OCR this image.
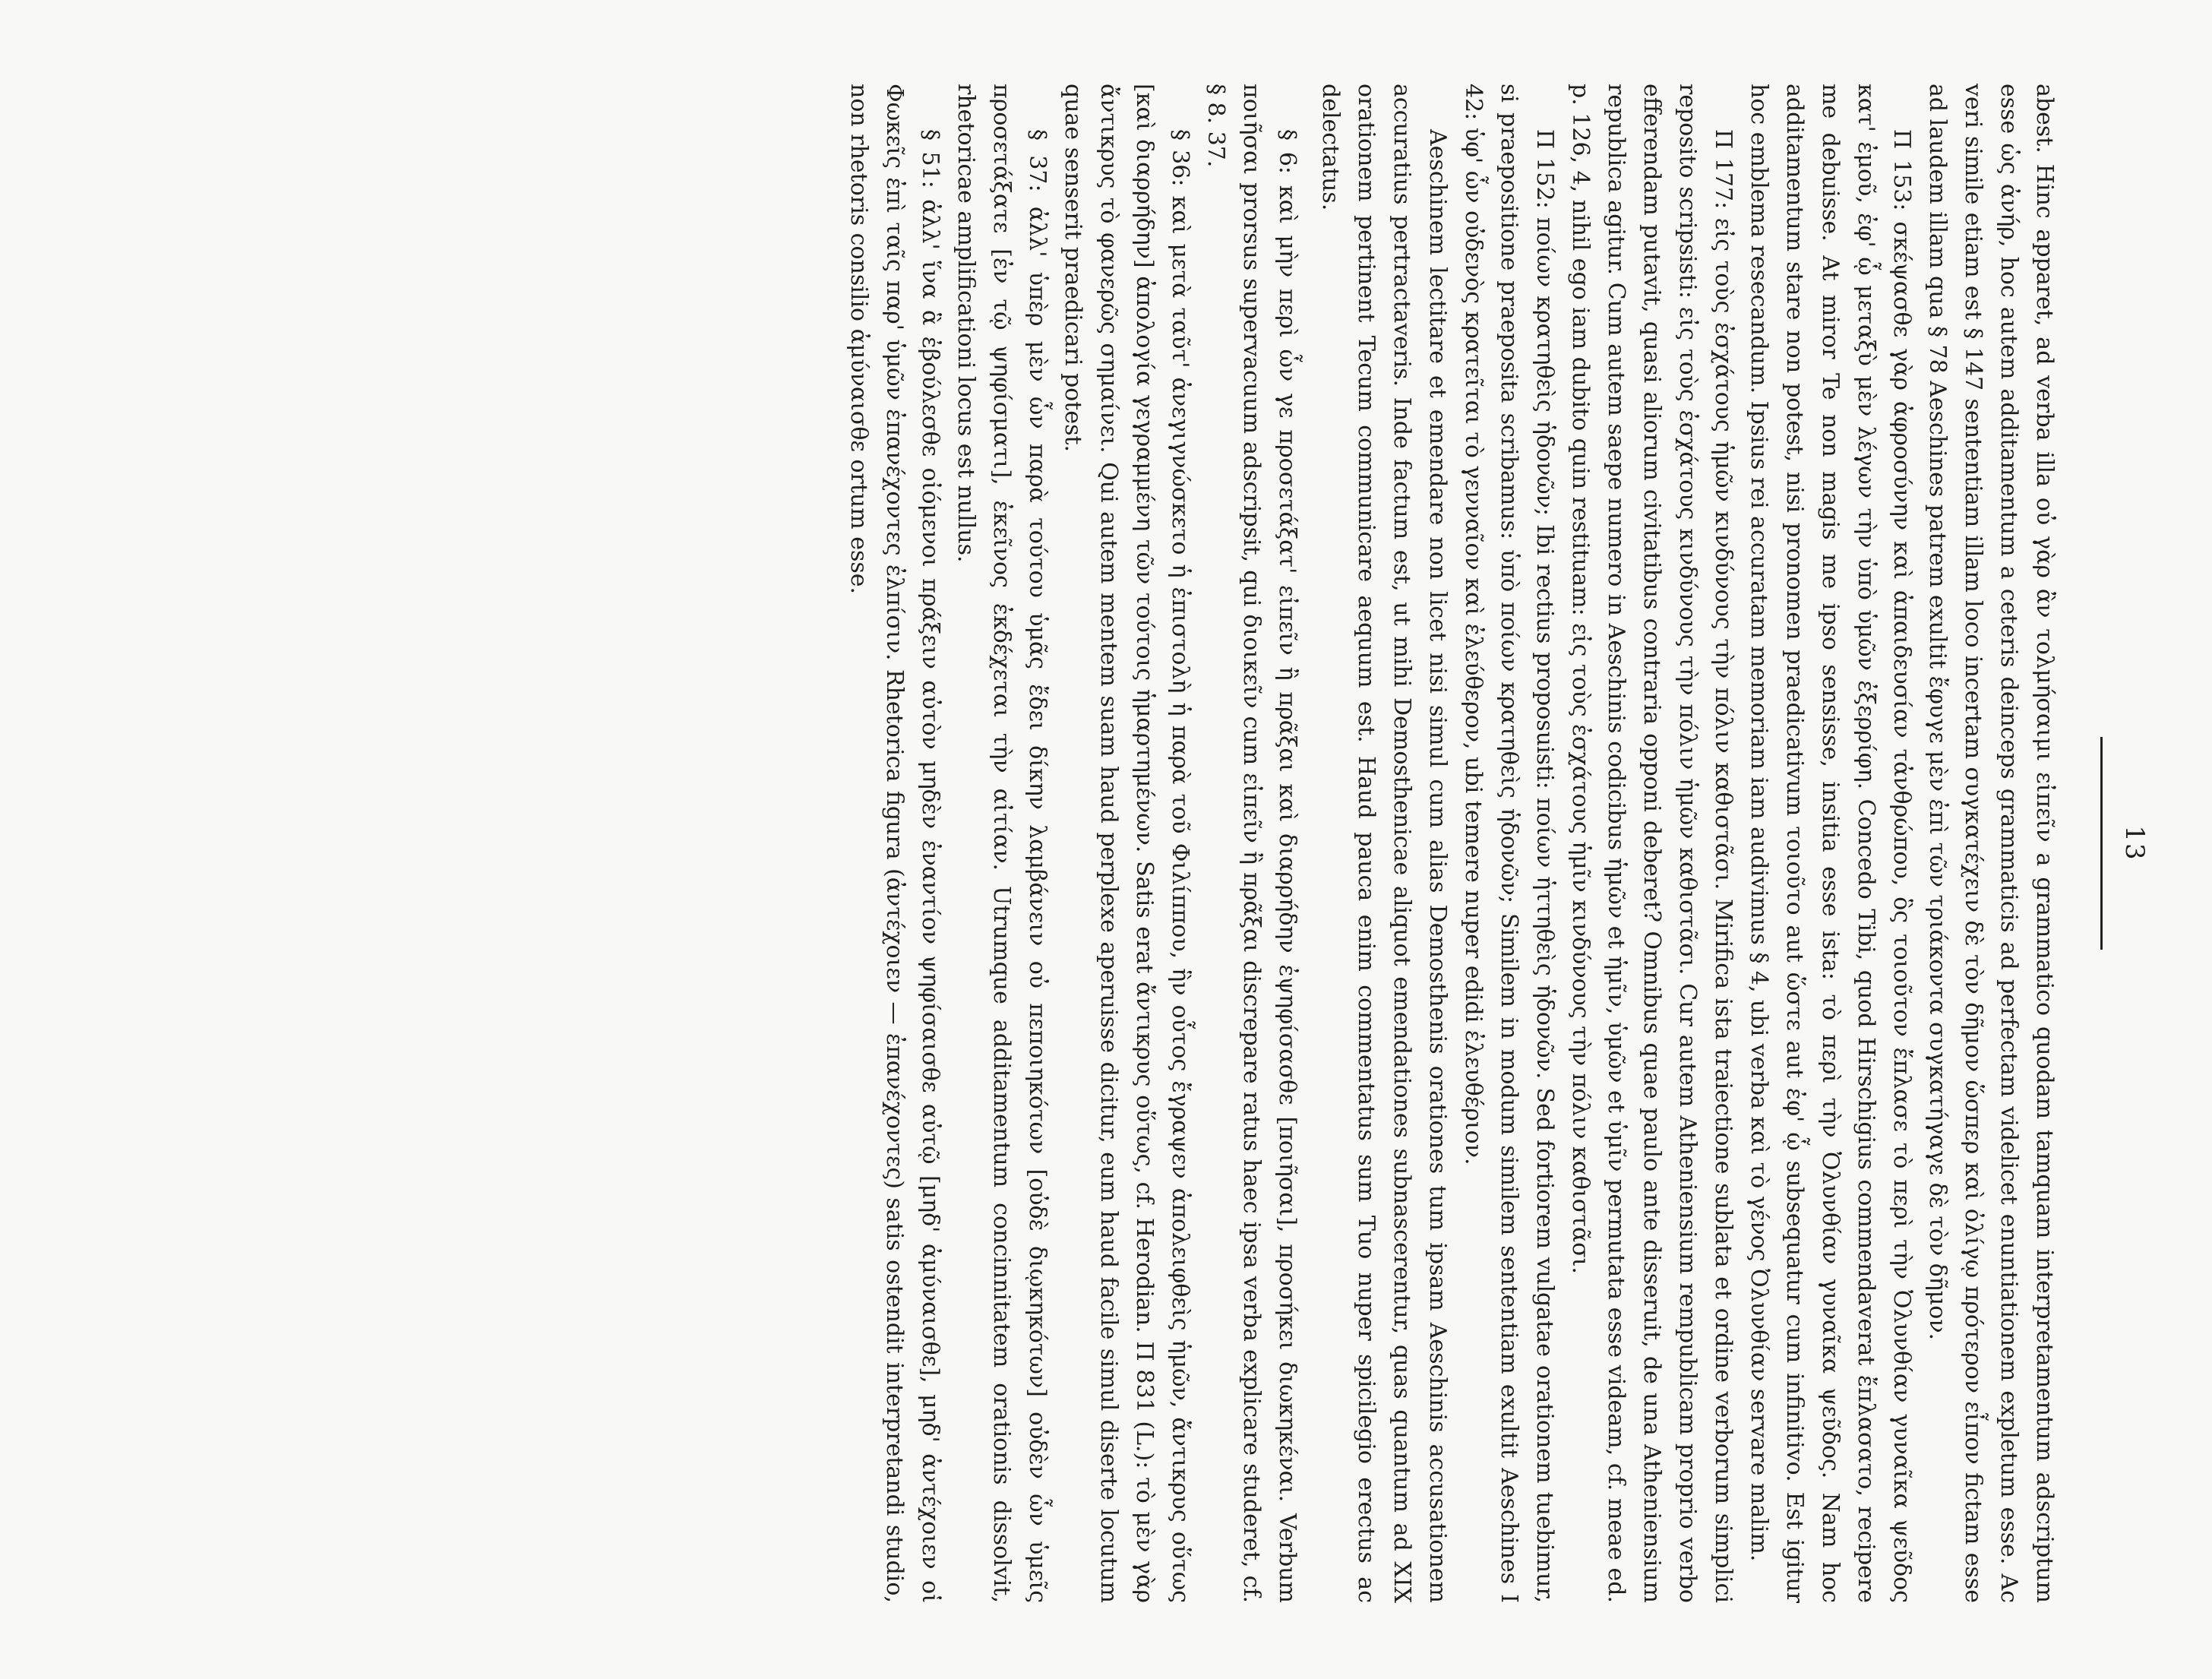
13

abest. Hinc apparet, ad verba illa οὐ γὰρ ἂν τολμήσαιμι εἰπεῖν a grammatico quodam tamquam interpretamentum adscriptum esse ὡς ἀνήρ, hoc autem additamentum a ceteris deinceps grammaticis ad perfectam videlicet enuntiationem expletum esse. Ac veri simile etiam est § 147 sententiam illam loco incertam συγκατέχειν δὲ τὸν δῆμον ὥσπερ καὶ ὀλίγῳ πρότερον εἶπον fictam esse ad laudem illam qua § 78 Aeschines patrem exultit ἔφυγε μὲν ἐπὶ τῶν τριάκοντα συγκατήγαγε δὲ τὸν δῆμον.

Π 153: σκέψασθε γὰρ ἀφροσύνην καὶ ἀπαιδευσίαν τἀνθρώπου, ὃς τοιοῦτον ἔπλασε τὸ περὶ τὴν Ὀλυνθίαν γυναῖκα ψεῦδος κατ' ἐμοῦ, ἐφ' ᾧ μεταξὺ μὲν λέγων τὴν ὑπὸ ὑμῶν ἐξερρίφη. Concedo Tibi, quod Hirschigius commendaverat ἔπλασατο, recipere me debuisse. At miror Te non magis me ipso sensisse, insitia esse ista: τὸ περὶ τὴν Ὀλυνθίαν γυναῖκα ψεῦδος. Nam hoc additamentum stare non potest, nisi pronomen praedicativum τοιοῦτο aut ὥστε aut ἐφ' ᾧ subsequatur cum infinitivo. Est igitur hoc emblema resecandum. Ipsius rei accuratam memoriam iam audivimus § 4, ubi verba καὶ τὸ γένος Ὀλυνθίαν servare malim.

Π 177: εἰς τοὺς ἐσχάτους ἡμῶν κινδύνους τὴν πόλιν καθιστᾶσι. Mirifica ista traiectione sublata et ordine verborum simplici reposito scripsisti: εἰς τοὺς ἐσχάτους κινδύνους τὴν πόλιν ἡμῶν καθιστᾶσι. Cur autem Atheniensium rempublicam proprio verbo efferendam putavit, quasi aliorum civitatibus contraria opponi deberet? Omnibus quae paulo ante disseruit, de una Atheniensium republica agitur. Cum autem saepe numero in Aeschinis codicibus ἡμῶν et ἡμῖν, ὑμῶν et ὑμῖν permutata esse videam, cf. meae ed. p. 126, 4, nihil ego iam dubito quin restituam: εἰς τοὺς ἐσχάτους ἡμῖν κινδύνους τὴν πόλιν καθιστᾶσι.

Π 152: ποίων κρατηθεὶς ἡδονῶν; Ibi rectius proposuisti: ποίων ἡττηθεὶς ἡδονῶν. Sed fortiorem vulgatae orationem tuebimur, si praepositione praeposita scribamus: ὑπὸ ποίων κρατηθεὶς ἡδονῶν; Similem in modum similem sententiam exultit Aeschines I 42: ὑφ' ὧν οὐδενὸς κρατεῖται τὸ γενναῖον καὶ ἐλεύθερον, ubi temere nuper edidi ἐλευθέριον.

Aeschinem lectitare et emendare non licet nisi simul cum alias Demosthenis orationes tum ipsam Aeschinis accusationem accuratius pertractaveris. Inde factum est, ut mihi Demosthenicae aliquot emendationes subnascerentur, quas quantum ad XIX orationem pertinent Tecum communicare aequum est. Haud pauca enim commentatus sum Tuo nuper spicilegio erectus ac delectatus.

§ 6: καὶ μὴν περὶ ὧν γε προσετάξατ' εἰπεῖν ἢ πρᾶξαι καὶ διαρρήδην ἐψηφίσασθε [ποιῆσαι], προσήκει διωκηκέναι. Verbum ποιῆσαι prorsus supervacuum adscripsit, qui διοικεῖν cum εἰπεῖν ἢ πρᾶξαι discrepare ratus haec ipsa verba explicare studeret, cf. § 8. 37.

§ 36: καὶ μετὰ ταῦτ' ἀνεγιγνώσκετο ἡ ἐπιστολὴ ἡ παρὰ τοῦ Φιλίππου, ἣν οὗτος ἔγραψεν ἀπολειφθεὶς ἡμῶν, ἄντικρυς οὕτως [καὶ διαρρήδην] ἀπολογία γεγραμμένη τῶν τούτοις ἡμαρτημένων. Satis erat ἄντικρυς οὕτως, cf. Herodian. Π 831 (L.): τὸ μὲν γὰρ ἄντικρυς τὸ φανερῶς σημαίνει. Qui autem mentem suam haud perplexe aperuisse dicitur, eum haud facile simul diserte locutum quae senserit praedicari potest.

§ 37: ἀλλ' ὑπὲρ μὲν ὧν παρὰ τούτου ὑμᾶς ἔδει δίκην λαμβάνειν οὐ πεποιηκότων [οὐδὲ διῳκηκότων] οὐδὲν ὧν ὑμεῖς προσετάξατε [ἐν τῷ ψηφίσματι], ἐκεῖνος ἐκδέχεται τὴν αἰτίαν. Utrumque additamentum concinnitatem orationis dissolvit, rhetoricae amplificationi locus est nullus.

§ 51: ἀλλ' ἵνα ἃ ἐβούλεσθε οἰόμενοι πράξειν αὐτὸν μηδὲν ἐναντίον ψηφίσαισθε αὐτῷ [μηδ' ἀμύναισθε], μηδ' ἀντέχοιεν οἱ Φωκεῖς ἐπὶ ταῖς παρ' ὑμῶν ἐπανέχοντες ἐλπίσιν. Rhetorica figura (ἀντέχοιεν — ἐπανέχοντες) satis ostendit interpretandi studio, non rhetoris consilio ἀμύναισθε ortum esse.
